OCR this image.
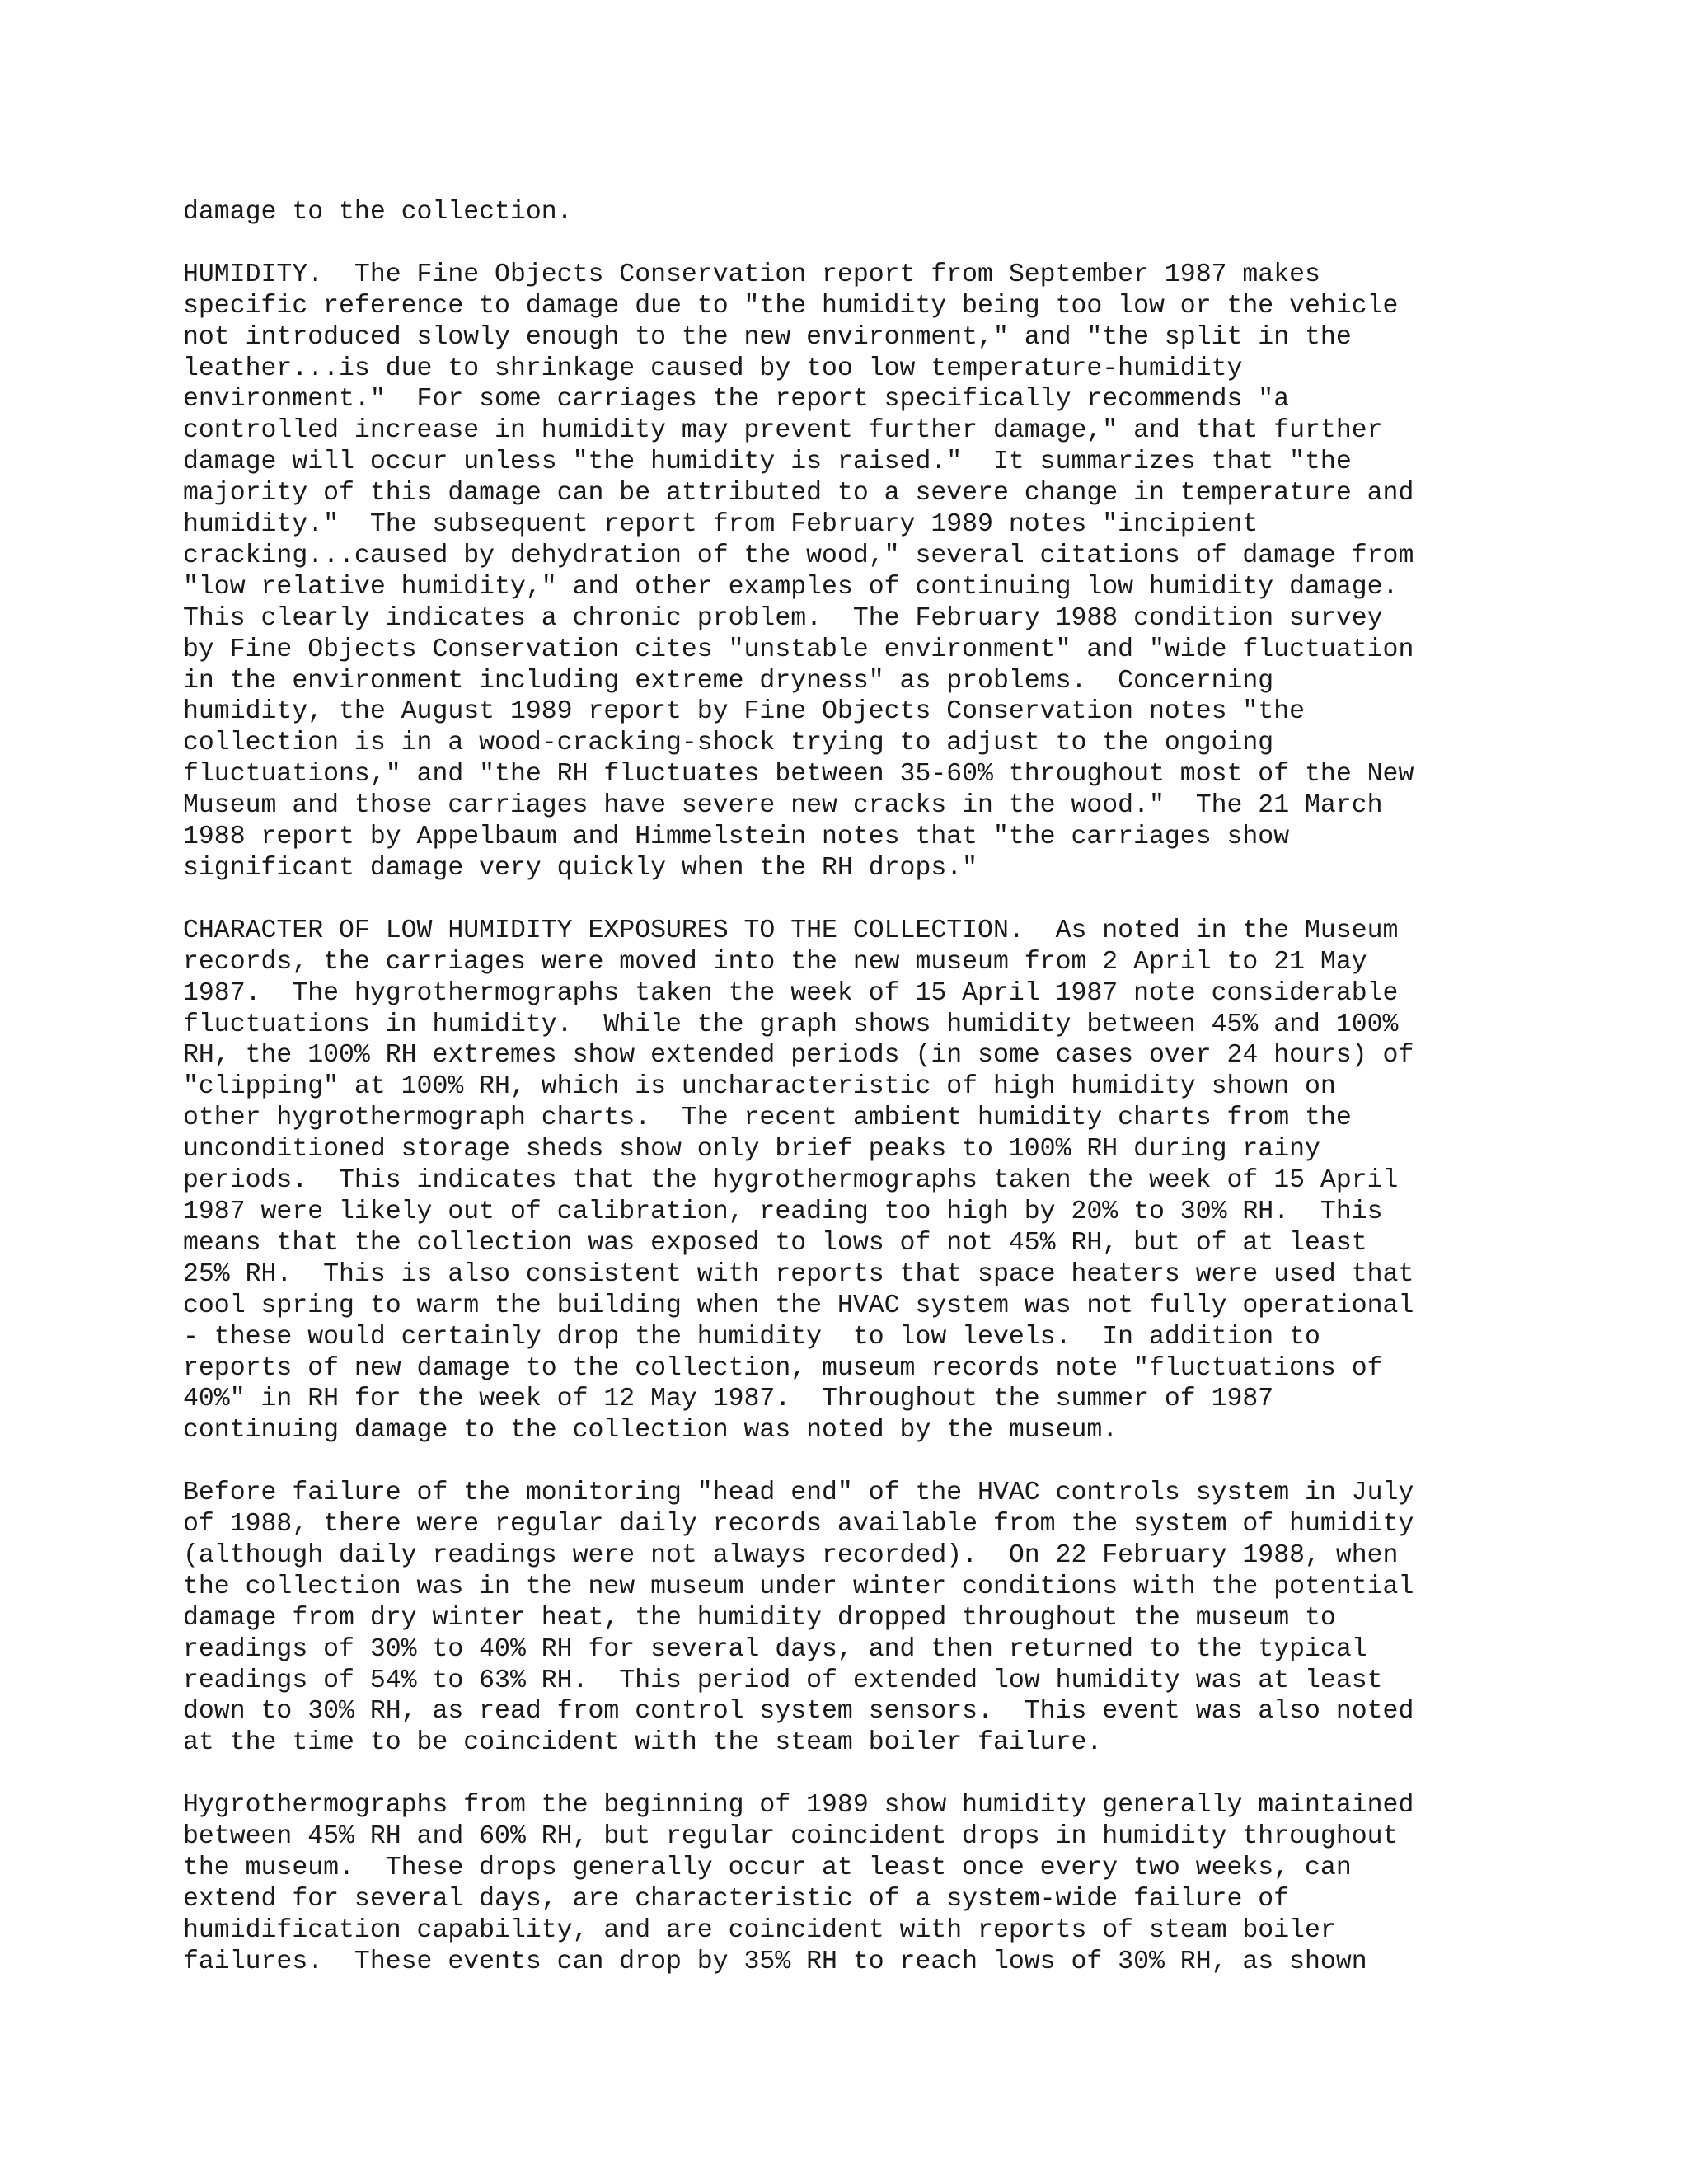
damage to the collection.
HUMIDITY.  The Fine Objects Conservation report from September 1987 makes
specific reference to damage due to "the humidity being too low or the vehicle
not introduced slowly enough to the new environment," and "the split in the
leather...is due to shrinkage caused by too low temperature-humidity
environment."  For some carriages the report specifically recommends "a
controlled increase in humidity may prevent further damage," and that further
damage will occur unless "the humidity is raised."  It summarizes that "the
majority of this damage can be attributed to a severe change in temperature and
humidity."  The subsequent report from February 1989 notes "incipient
cracking...caused by dehydration of the wood," several citations of damage from
"low relative humidity," and other examples of continuing low humidity damage.
This clearly indicates a chronic problem.  The February 1988 condition survey
by Fine Objects Conservation cites "unstable environment" and "wide fluctuation
in the environment including extreme dryness" as problems.  Concerning
humidity, the August 1989 report by Fine Objects Conservation notes "the
collection is in a wood-cracking-shock trying to adjust to the ongoing
fluctuations," and "the RH fluctuates between 35-60% throughout most of the New
Museum and those carriages have severe new cracks in the wood."  The 21 March
1988 report by Appelbaum and Himmelstein notes that "the carriages show
significant damage very quickly when the RH drops."
CHARACTER OF LOW HUMIDITY EXPOSURES TO THE COLLECTION.  As noted in the Museum
records, the carriages were moved into the new museum from 2 April to 21 May
1987.  The hygrothermographs taken the week of 15 April 1987 note considerable
fluctuations in humidity.  While the graph shows humidity between 45% and 100%
RH, the 100% RH extremes show extended periods (in some cases over 24 hours) of
"clipping" at 100% RH, which is uncharacteristic of high humidity shown on
other hygrothermograph charts.  The recent ambient humidity charts from the
unconditioned storage sheds show only brief peaks to 100% RH during rainy
periods.  This indicates that the hygrothermographs taken the week of 15 April
1987 were likely out of calibration, reading too high by 20% to 30% RH.  This
means that the collection was exposed to lows of not 45% RH, but of at least
25% RH.  This is also consistent with reports that space heaters were used that
cool spring to warm the building when the HVAC system was not fully operational
- these would certainly drop the humidity  to low levels.  In addition to
reports of new damage to the collection, museum records note "fluctuations of
40%" in RH for the week of 12 May 1987.  Throughout the summer of 1987
continuing damage to the collection was noted by the museum.
Before failure of the monitoring "head end" of the HVAC controls system in July
of 1988, there were regular daily records available from the system of humidity
(although daily readings were not always recorded).  On 22 February 1988, when
the collection was in the new museum under winter conditions with the potential
damage from dry winter heat, the humidity dropped throughout the museum to
readings of 30% to 40% RH for several days, and then returned to the typical
readings of 54% to 63% RH.  This period of extended low humidity was at least
down to 30% RH, as read from control system sensors.  This event was also noted
at the time to be coincident with the steam boiler failure.
Hygrothermographs from the beginning of 1989 show humidity generally maintained
between 45% RH and 60% RH, but regular coincident drops in humidity throughout
the museum.  These drops generally occur at least once every two weeks, can
extend for several days, are characteristic of a system-wide failure of
humidification capability, and are coincident with reports of steam boiler
failures.  These events can drop by 35% RH to reach lows of 30% RH, as shown
